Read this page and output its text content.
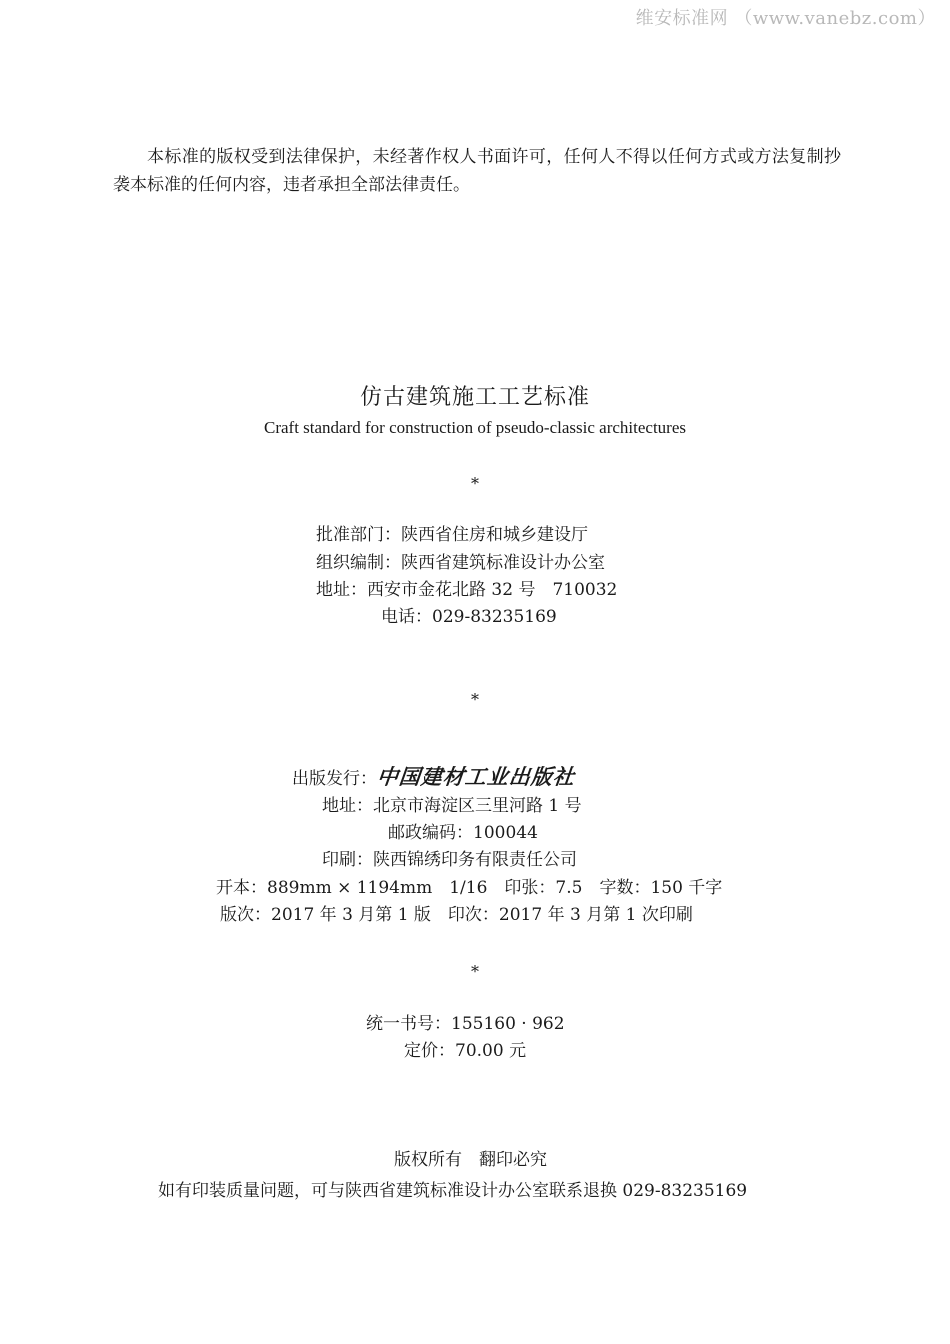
维安标准网 （www.vanebz.com）
本标准的版权受到法律保护，未经著作权人书面许可，任何人不得以任何方式或方法复制抄袭本标准的任何内容，违者承担全部法律责任。
仿古建筑施工工艺标准
Craft standard for construction of pseudo-classic architectures
*
批准部门：陕西省住房和城乡建设厅
组织编制：陕西省建筑标准设计办公室
地址：西安市金花北路 32 号　710032
电话：029-83235169
*
出版发行：中国建材工业出版社
地址：北京市海淀区三里河路 1 号
邮政编码：100044
印刷：陕西锦绣印务有限责任公司
开本：889mm × 1194mm　1/16　印张：7.5　字数：150 千字
版次：2017 年 3 月第 1 版　印次：2017 年 3 月第 1 次印刷
*
统一书号：155160 · 962
定价：70.00 元
版权所有　翻印必究
如有印装质量问题，可与陕西省建筑标准设计办公室联系退换 029-83235169
